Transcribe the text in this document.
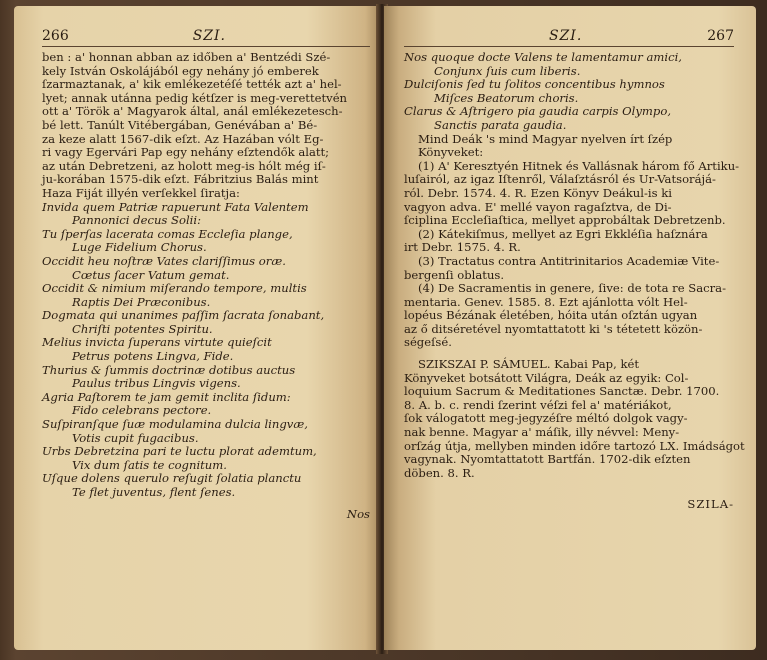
266	SZI.
ben : a' honnan abban az időben a' Bentzédi Szé-
kely István Oskolájából egy nehány jó emberek
ſzarmaztanak, a' kik emlékezetéſé tették azt a' hel-
lyet; annak utánna pedig kétſzer is meg-verettetvén
ott a' Török a' Magyarok által, anál emlékezetesch-
bé lett. Tanúlt Vitébergában, Genévában a' Bé-
za keze alatt 1567-dik eſzt. Az Hazában vólt Eg-
ri vagy Egervári Pap egy nehány eſztendők alatt;
az után Debretzeni, az holott meg-is hólt még iſ-
ju-korában 1575-dik eſzt. Fábritzius Balás mint
Haza Fiját illyén verſekkel ſiratja:
Invida quem Patriæ rapuerunt Fata Valentem
Pannonici decus Solii:
Tu ſperſas lacerata comas Eccleſia plange,
Luge Fidelium Chorus.
Occidit heu noſtræ Vates clariſſimus oræ.
Cœtus ſacer Vatum gemat.
Occidit & nimium miſerando tempore, multis
Raptis Dei Præconibus.
Dogmata qui unanimes paſſim ſacrata ſonabant,
Chriſti potentes Spiritu.
Melius invicta ſuperans virtute quieſcit
Petrus potens Lingva, Fide.
Thurius & ſummis doctrinæ dotibus auctus
Paulus tribus Lingvis vigens.
Agria Paſtorem te jam gemit inclita ſidum:
Fido celebrans pectore.
Suſpiranſque ſuæ modulamina dulcia lingvæ,
Votis cupit fugacibus.
Urbs Debretzina pari te luctu plorat ademtum,
Vix dum ſatis te cognitum.
Uſque dolens querulo reſugit ſolatia planctu
Te flet juventus, flent ſenes.
Nos
SZI.	267
Nos quoque docte Valens te lamentamur amici,
Conjunx ſuis cum liberis.
Dulciſonis ſed tu ſolitos concentibus hymnos
Miſces Beatorum choris.
Clarus & Aſtrigero pia gaudia carpis Olympo,
Sanctis parata gaudia.
Mind Deák 's mind Magyar nyelven írt ſzép
Könyveket:
(1) A' Keresztyén Hitnek és Vallásnak három fő Artiku-
luſairól, az igaz Iſtenről, Válaſztásról és Ur-Vatsorájá-
ról. Debr. 1574. 4. R. Ezen Könyv Deákul-is ki
vagyon adva. E' mellé vayon ragaſztva, de Di-
ſciplina Eccleſiaſtica, mellyet approbáltak Debretzenb.
(2) Kátekiſmus, mellyet az Egri Ekkléſia haſznára
irt Debr. 1575. 4. R.
(3) Tractatus contra Antitrinitarios Academiæ Vite-
bergenſi oblatus.
(4) De Sacramentis in genere, ſive: de tota re Sacra-
mentaria. Genev. 1585. 8. Ezt ajánlotta vólt Hel-
lopéus Bézának életében, hóita után oſztán ugyan
az ő ditséretével nyomtattatott ki 's tétetett közön-
ségeſsé.
SZIKSZAI P. SÁMUEL. Kabai Pap, két
Könyveket botsátott Világra, Deák az egyik: Col-
loquium Sacrum & Meditationes Sanctæ. Debr. 1700.
8. A. b. c. rendi ſzerint véſzi fel a' matériákot,
ſok válogatott meg-jegyzéſre méltó dolgok vagy-
nak benne. Magyar a' máſik, illy névvel: Meny-
orſzág útja, mellyben minden időre tartozó LX. Imádságot
vagynak. Nyomtattatott Bartfán. 1702-dik eſzten
döben. 8. R.
SZILA-
